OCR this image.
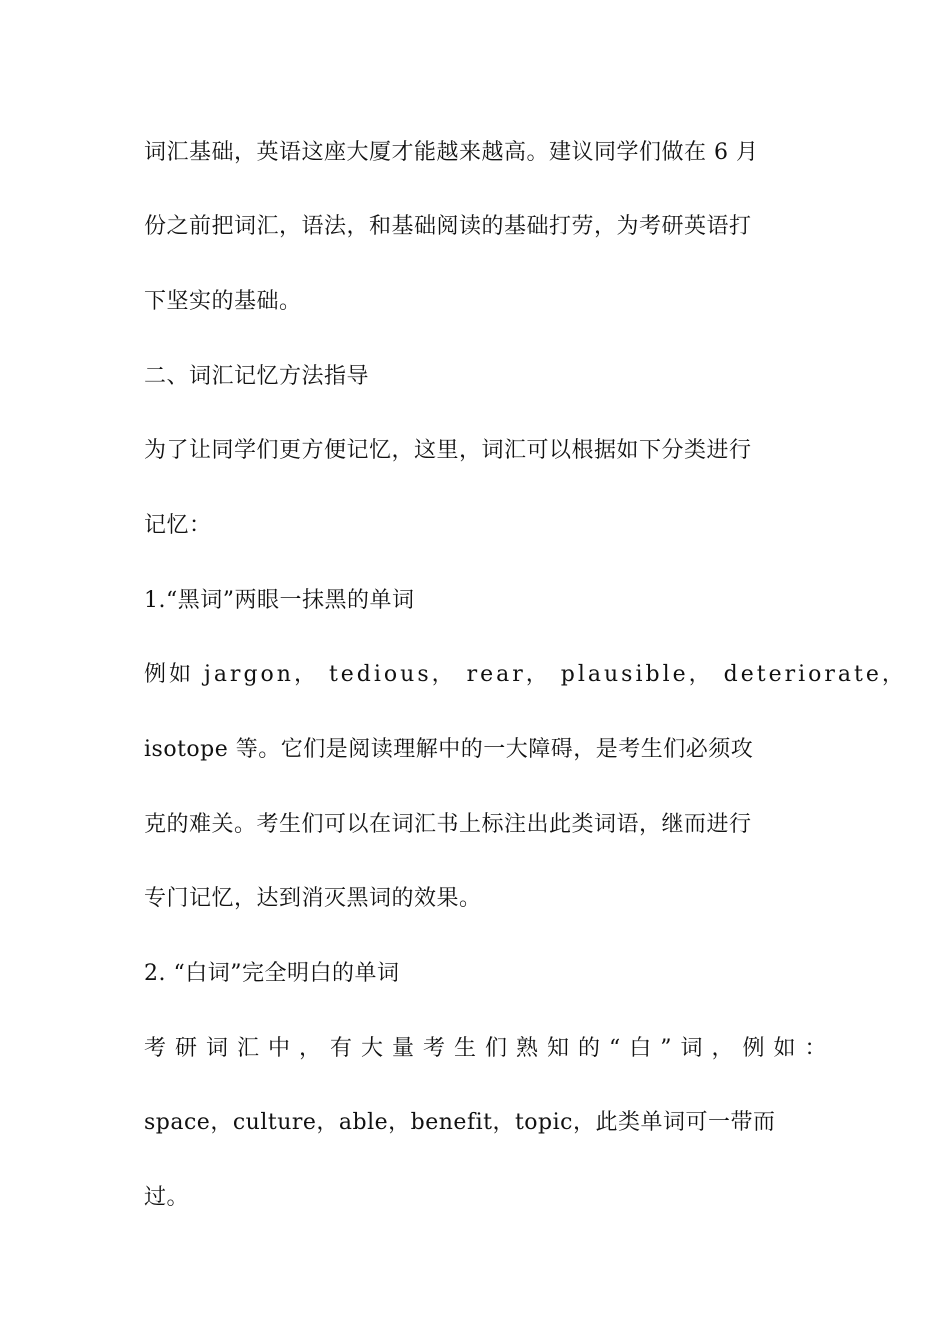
词汇基础，英语这座大厦才能越来越高。建议同学们做在 6 月
份之前把词汇，语法，和基础阅读的基础打劳，为考研英语打
下坚实的基础。
二、词汇记忆方法指导
为了让同学们更方便记忆，这里，词汇可以根据如下分类进行
记忆：
1.“黑词”两眼一抹黑的单词
例如 jargon， tedious， rear， plausible， deteriorate，
isotope 等。它们是阅读理解中的一大障碍，是考生们必须攻
克的难关。考生们可以在词汇书上标注出此类词语，继而进行
专门记忆，达到消灭黑词的效果。
2. “白词”完全明白的单词
考研词汇中，有大量考生们熟知的“白”词，例如：
space，culture，able，benefit，topic，此类单词可一带而
过。
